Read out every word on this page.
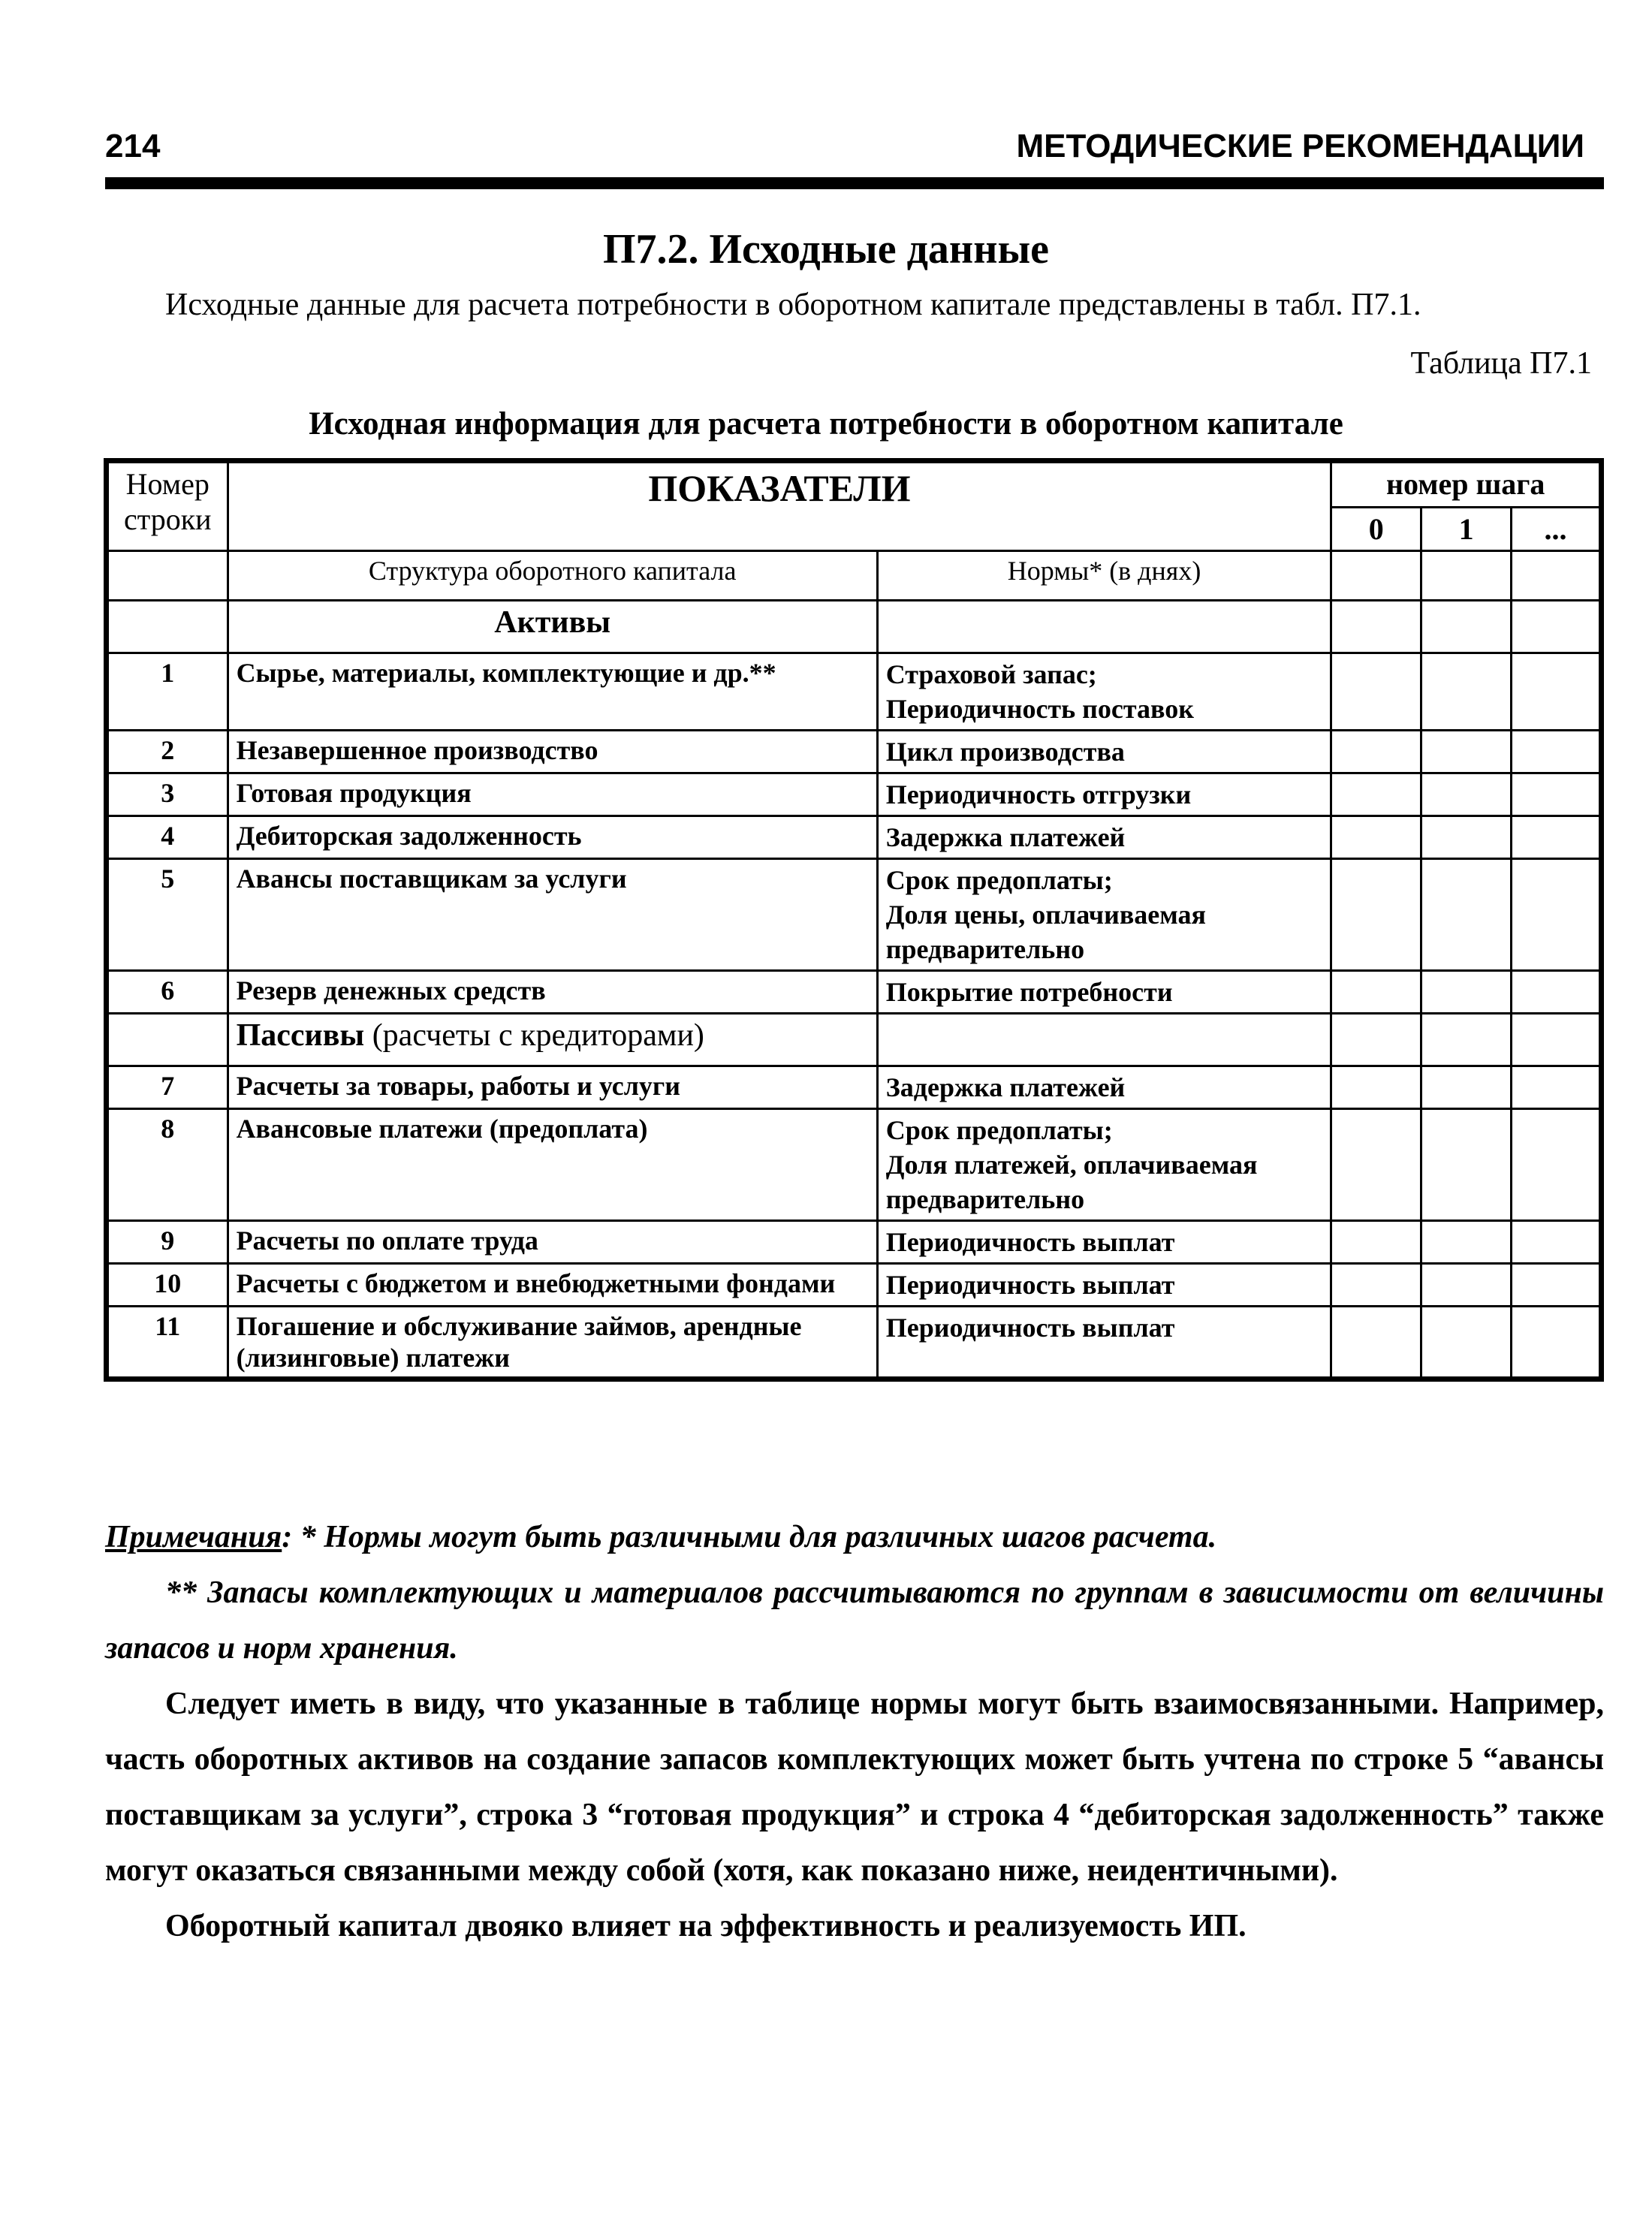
214	МЕТОДИЧЕСКИЕ РЕКОМЕНДАЦИИ
П7.2. Исходные данные
Исходные данные для расчета потребности в оборотном капитале представлены в табл. П7.1.
Таблица П7.1
Исходная информация для расчета потребности в оборотном капитале
Номер строки	ПОКАЗАТЕЛИ		номер шага		
			0	1	...
	Структура оборотного капитала	Нормы* (в днях)			
	Активы				
1	Сырье, материалы, комплектующие и др.**	Страховой запас;
Периодичность поставок			

2	Незавершенное производство	Цикл производства			

3	Готовая продукция	Периодичность отгрузки			

4	Дебиторская задолженность	Задержка платежей			

5	Авансы поставщикам за услуги	Срок предоплаты;
Доля цены, оплачиваемая предварительно			

6	Резерв денежных средств	Покрытие потребности			

	Пассивы (расчеты с кредиторами)				
7	Расчеты за товары, работы и услуги	Задержка платежей			

8	Авансовые платежи (предоплата)	Срок предоплаты;
Доля платежей, оплачиваемая предварительно			

9	Расчеты по оплате труда	Периодичность выплат			

10	Расчеты с бюджетом и внебюджетными фондами	Периодичность выплат			

11	Погашение и обслуживание займов, арендные (лизинговые) платежи	Периодичность выплат			

Примечания: * Нормы могут быть различными для различных шагов расчета.
** Запасы комплектующих и материалов рассчитываются по группам в зависимости от величины запасов и норм хранения.
Следует иметь в виду, что указанные в таблице нормы могут быть взаимосвязанными. Например, часть оборотных активов на создание запасов комплектующих может быть учтена по строке 5 “авансы поставщикам за услуги”, строка 3 “готовая продукция” и строка 4 “дебиторская задолженность” также могут оказаться связанными между собой (хотя, как показано ниже, неидентичными).
Оборотный капитал двояко влияет на эффективность и реализуемость ИП.
